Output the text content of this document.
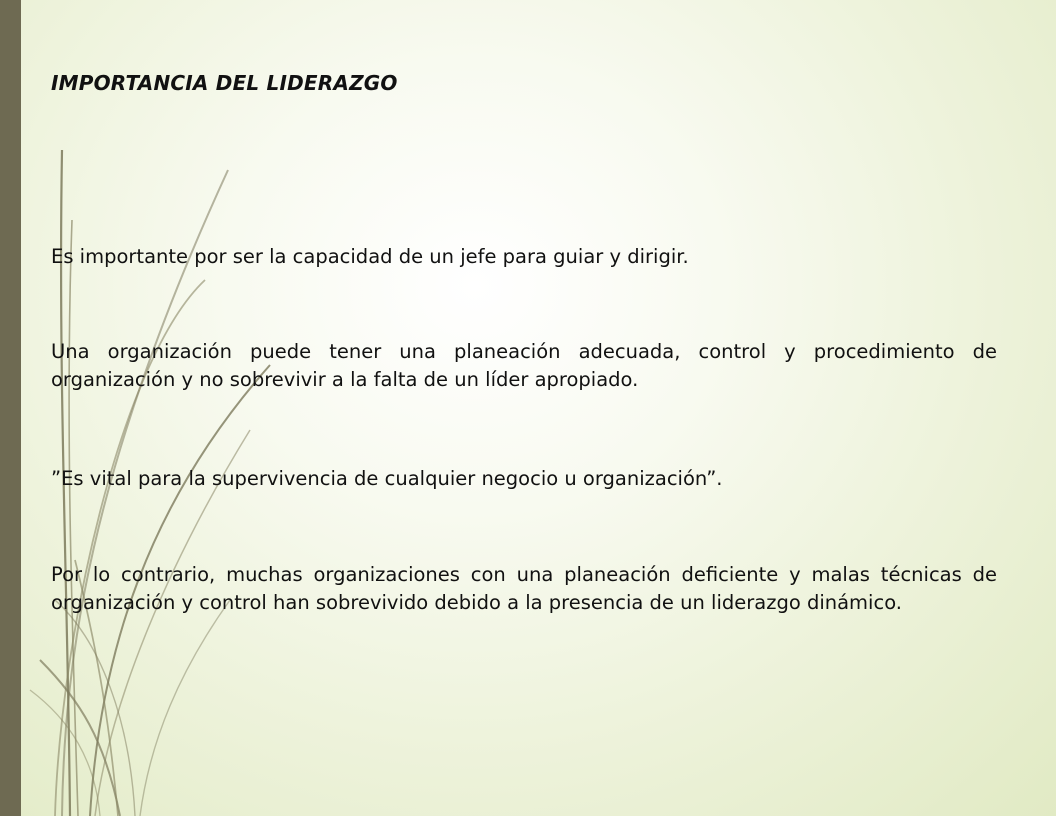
IMPORTANCIA DEL LIDERAZGO

Es importante por ser la capacidad de un jefe para guiar y dirigir.

Una organización puede tener una planeación adecuada, control y procedimiento de organización y no sobrevivir a la falta de un líder apropiado.

”Es vital para la supervivencia de cualquier negocio u organización”.

Por lo contrario, muchas organizaciones con una planeación deficiente y malas técnicas de organización y control han sobrevivido debido a la presencia de un liderazgo dinámico.
